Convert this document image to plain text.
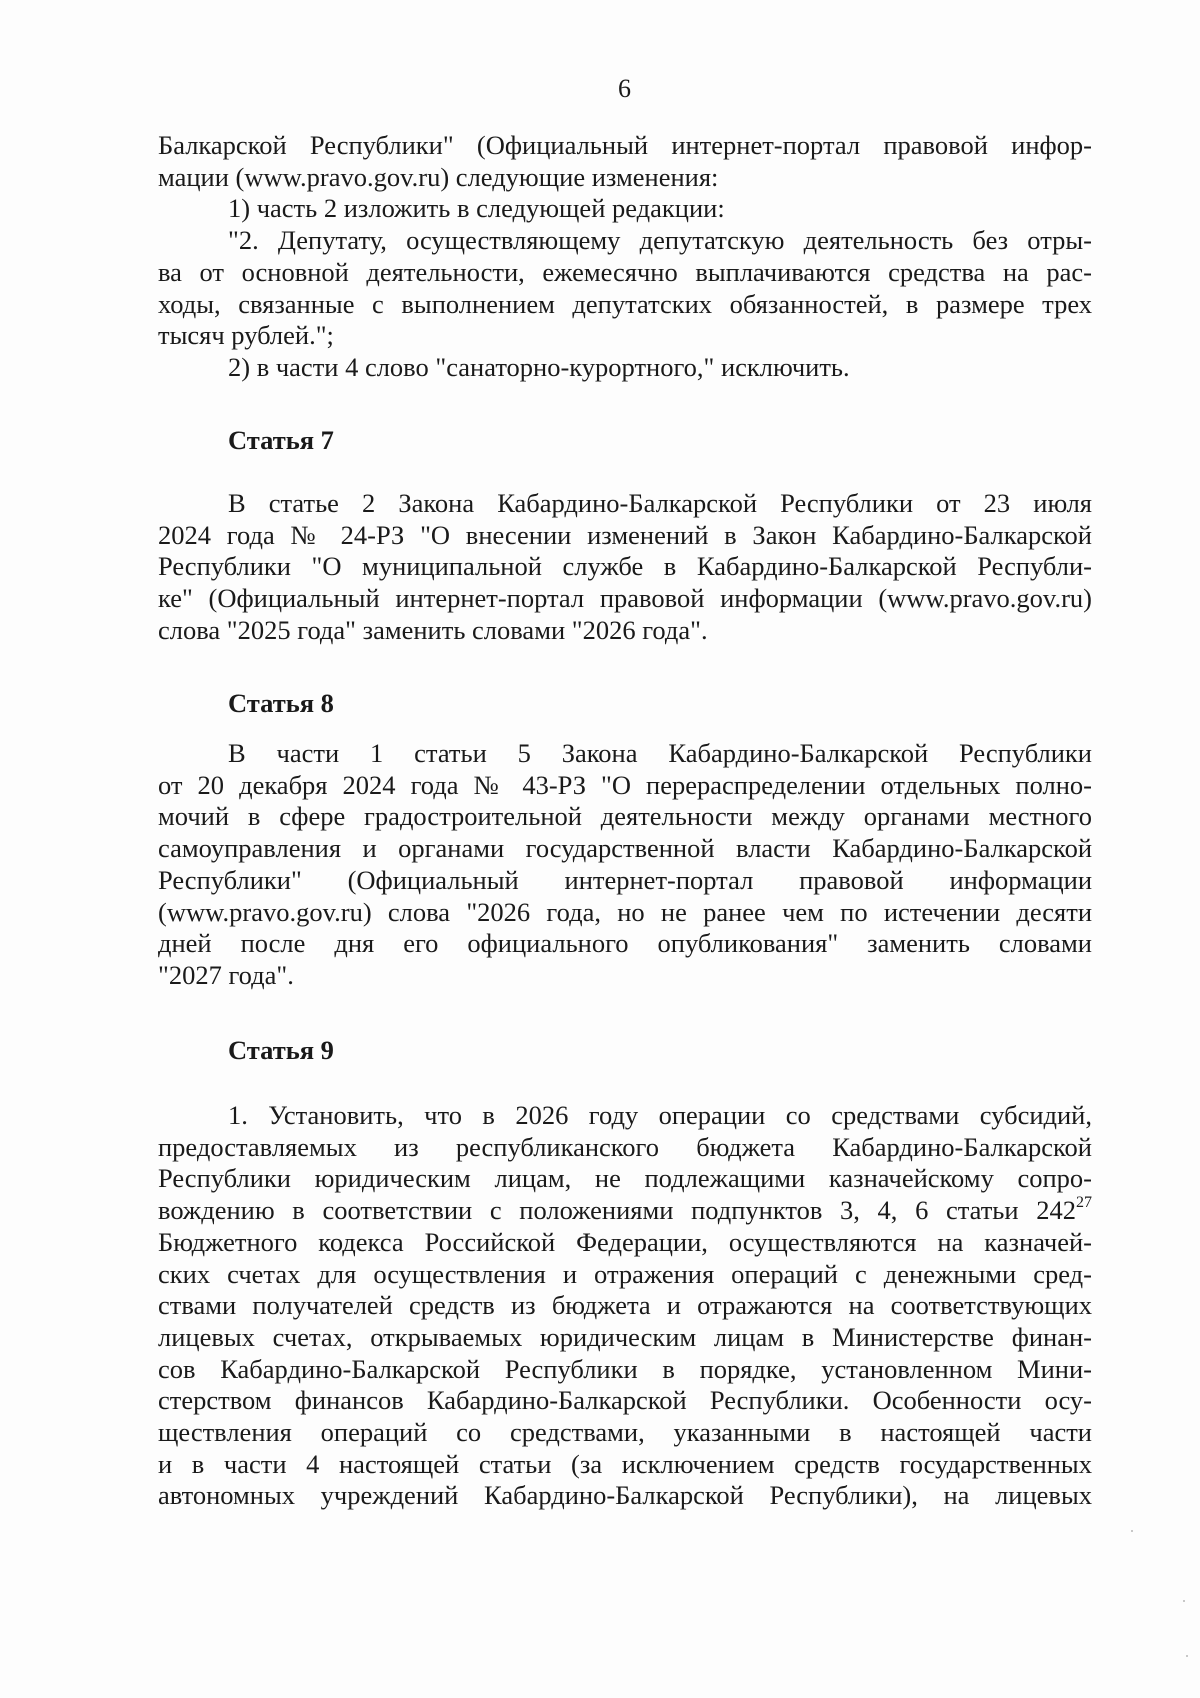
6
Балкарской Республики" (Официальный интернет-портал правовой инфор-
мации (www.pravo.gov.ru) следующие изменения:
1) часть 2 изложить в следующей редакции:
"2. Депутату, осуществляющему депутатскую деятельность без отры-
ва от основной деятельности, ежемесячно выплачиваются средства на рас-
ходы, связанные с выполнением депутатских обязанностей, в размере трех
тысяч рублей.";
2) в части 4 слово "санаторно-курортного," исключить.
Статья 7
В статье 2 Закона Кабардино-Балкарской Республики от 23 июля
2024 года № 24-РЗ "О внесении изменений в Закон Кабардино-Балкарской
Республики "О муниципальной службе в Кабардино-Балкарской Республи-
ке" (Официальный интернет-портал правовой информации (www.pravo.gov.ru)
слова "2025 года" заменить словами "2026 года".
Статья 8
В части 1 статьи 5 Закона Кабардино-Балкарской Республики
от 20 декабря 2024 года № 43-РЗ "О перераспределении отдельных полно-
мочий в сфере градостроительной деятельности между органами местного
самоуправления и органами государственной власти Кабардино-Балкарской
Республики" (Официальный интернет-портал правовой информации
(www.pravo.gov.ru) слова "2026 года, но не ранее чем по истечении десяти
дней после дня его официального опубликования" заменить словами
"2027 года".
Статья 9
1. Установить, что в 2026 году операции со средствами субсидий,
предоставляемых из республиканского бюджета Кабардино-Балкарской
Республики юридическим лицам, не подлежащими казначейскому сопро-
вождению в соответствии с положениями подпунктов 3, 4, 6 статьи $242^{27}$
Бюджетного кодекса Российской Федерации, осуществляются на казначей-
ских счетах для осуществления и отражения операций с денежными сред-
ствами получателей средств из бюджета и отражаются на соответствующих
лицевых счетах, открываемых юридическим лицам в Министерстве финан-
сов Кабардино-Балкарской Республики в порядке, установленном Мини-
стерством финансов Кабардино-Балкарской Республики. Особенности осу-
ществления операций со средствами, указанными в настоящей части
и в части 4 настоящей статьи (за исключением средств государственных
автономных учреждений Кабардино-Балкарской Республики), на лицевых
